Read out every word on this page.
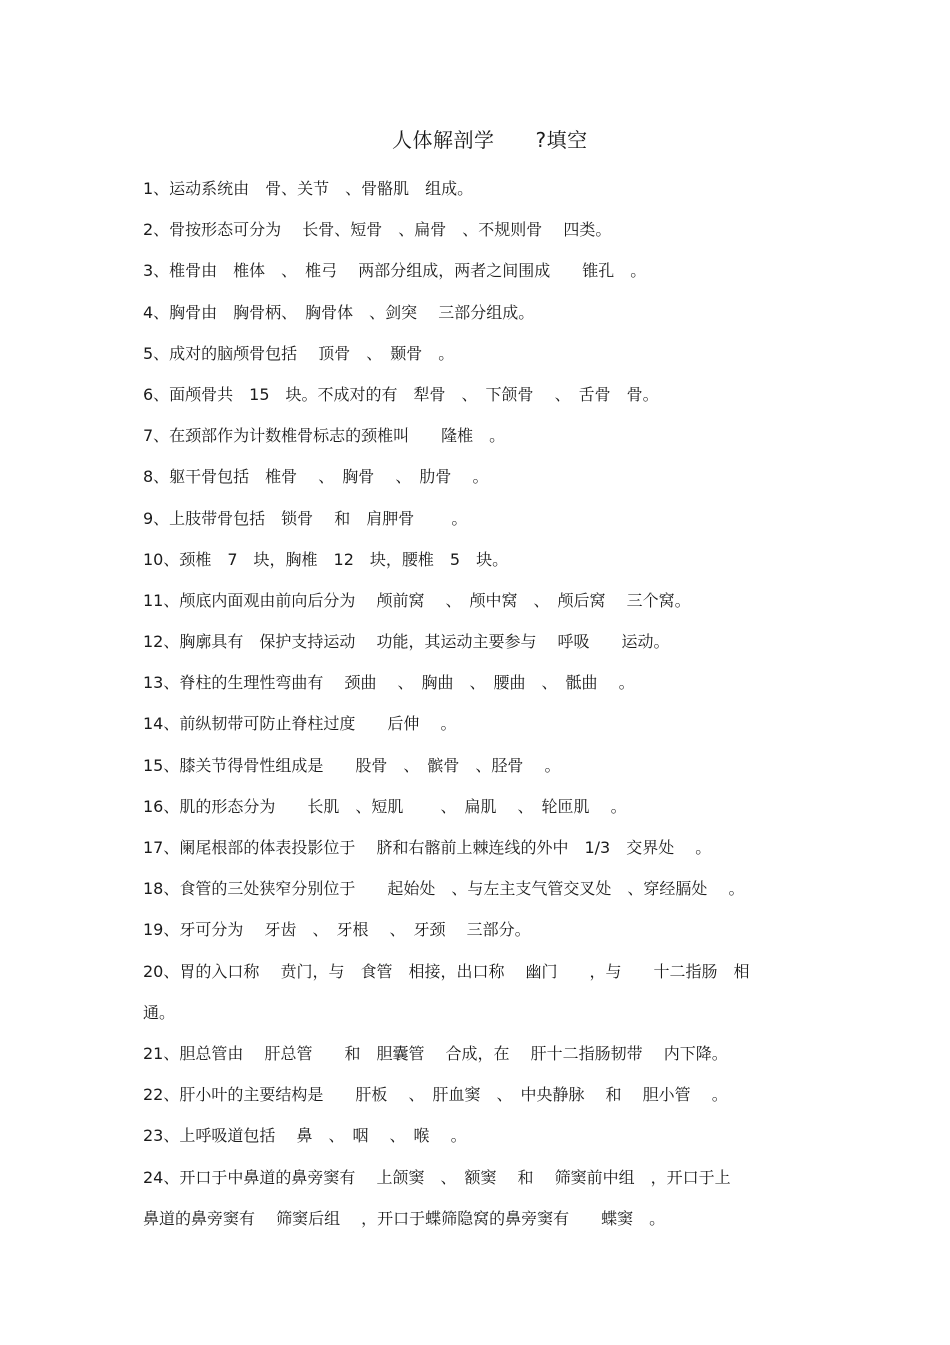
人体解剖学　　?填空
1、运动系统由　骨、关节　、骨骼肌　组成。
2、骨按形态可分为　 长骨、短骨　、扁骨　、不规则骨　 四类。
3、椎骨由　椎体　、　椎弓　 两部分组成，两者之间围成　　锥孔　。
4、胸骨由　胸骨柄、　胸骨体　、剑突　 三部分组成。
5、成对的脑颅骨包括　 顶骨　、　颞骨　。
6、面颅骨共　15　块。不成对的有　犁骨　、　下颌骨　 、　舌骨　骨。
7、在颈部作为计数椎骨标志的颈椎叫　　隆椎　。
8、躯干骨包括　椎骨　 、　胸骨　 、　肋骨　 。
9、上肢带骨包括　锁骨　 和　肩胛骨　　 。
10、颈椎　7　块，胸椎　12　块，腰椎　5　块。
11、颅底内面观由前向后分为　 颅前窝　 、　颅中窝　、　颅后窝　 三个窝。
12、胸廓具有　保护支持运动　 功能，其运动主要参与　 呼吸　　运动。
13、脊柱的生理性弯曲有　 颈曲　 、　胸曲　、　腰曲　、　骶曲　 。
14、前纵韧带可防止脊柱过度　　后伸　 。
15、膝关节得骨性组成是　　股骨　、　髌骨　、胫骨　 。
16、肌的形态分为　　长肌　、短肌　　 、　扁肌　 、　轮匝肌　 。
17、阑尾根部的体表投影位于　 脐和右髂前上棘连线的外中　1/3　交界处　 。
18、食管的三处狭窄分别位于　　起始处　、与左主支气管交叉处　、穿经膈处　 。
19、牙可分为　 牙齿　、　牙根　 、　牙颈　 三部分。
20、胃的入口称　 贲门，与　食管　相接，出口称　 幽门　　，与　　十二指肠　相
通。
21、胆总管由　 肝总管　　和　胆囊管　 合成，在　 肝十二指肠韧带　 内下降。
22、肝小叶的主要结构是　　肝板　 、　肝血窦　、　中央静脉　 和　 胆小管　 。
23、上呼吸道包括　 鼻　、　咽　 、　喉　 。
24、开口于中鼻道的鼻旁窦有　 上颌窦　、　额窦　 和　 筛窦前中组　，开口于上
鼻道的鼻旁窦有　 筛窦后组　 ，开口于蝶筛隐窝的鼻旁窦有　　蝶窦　。
